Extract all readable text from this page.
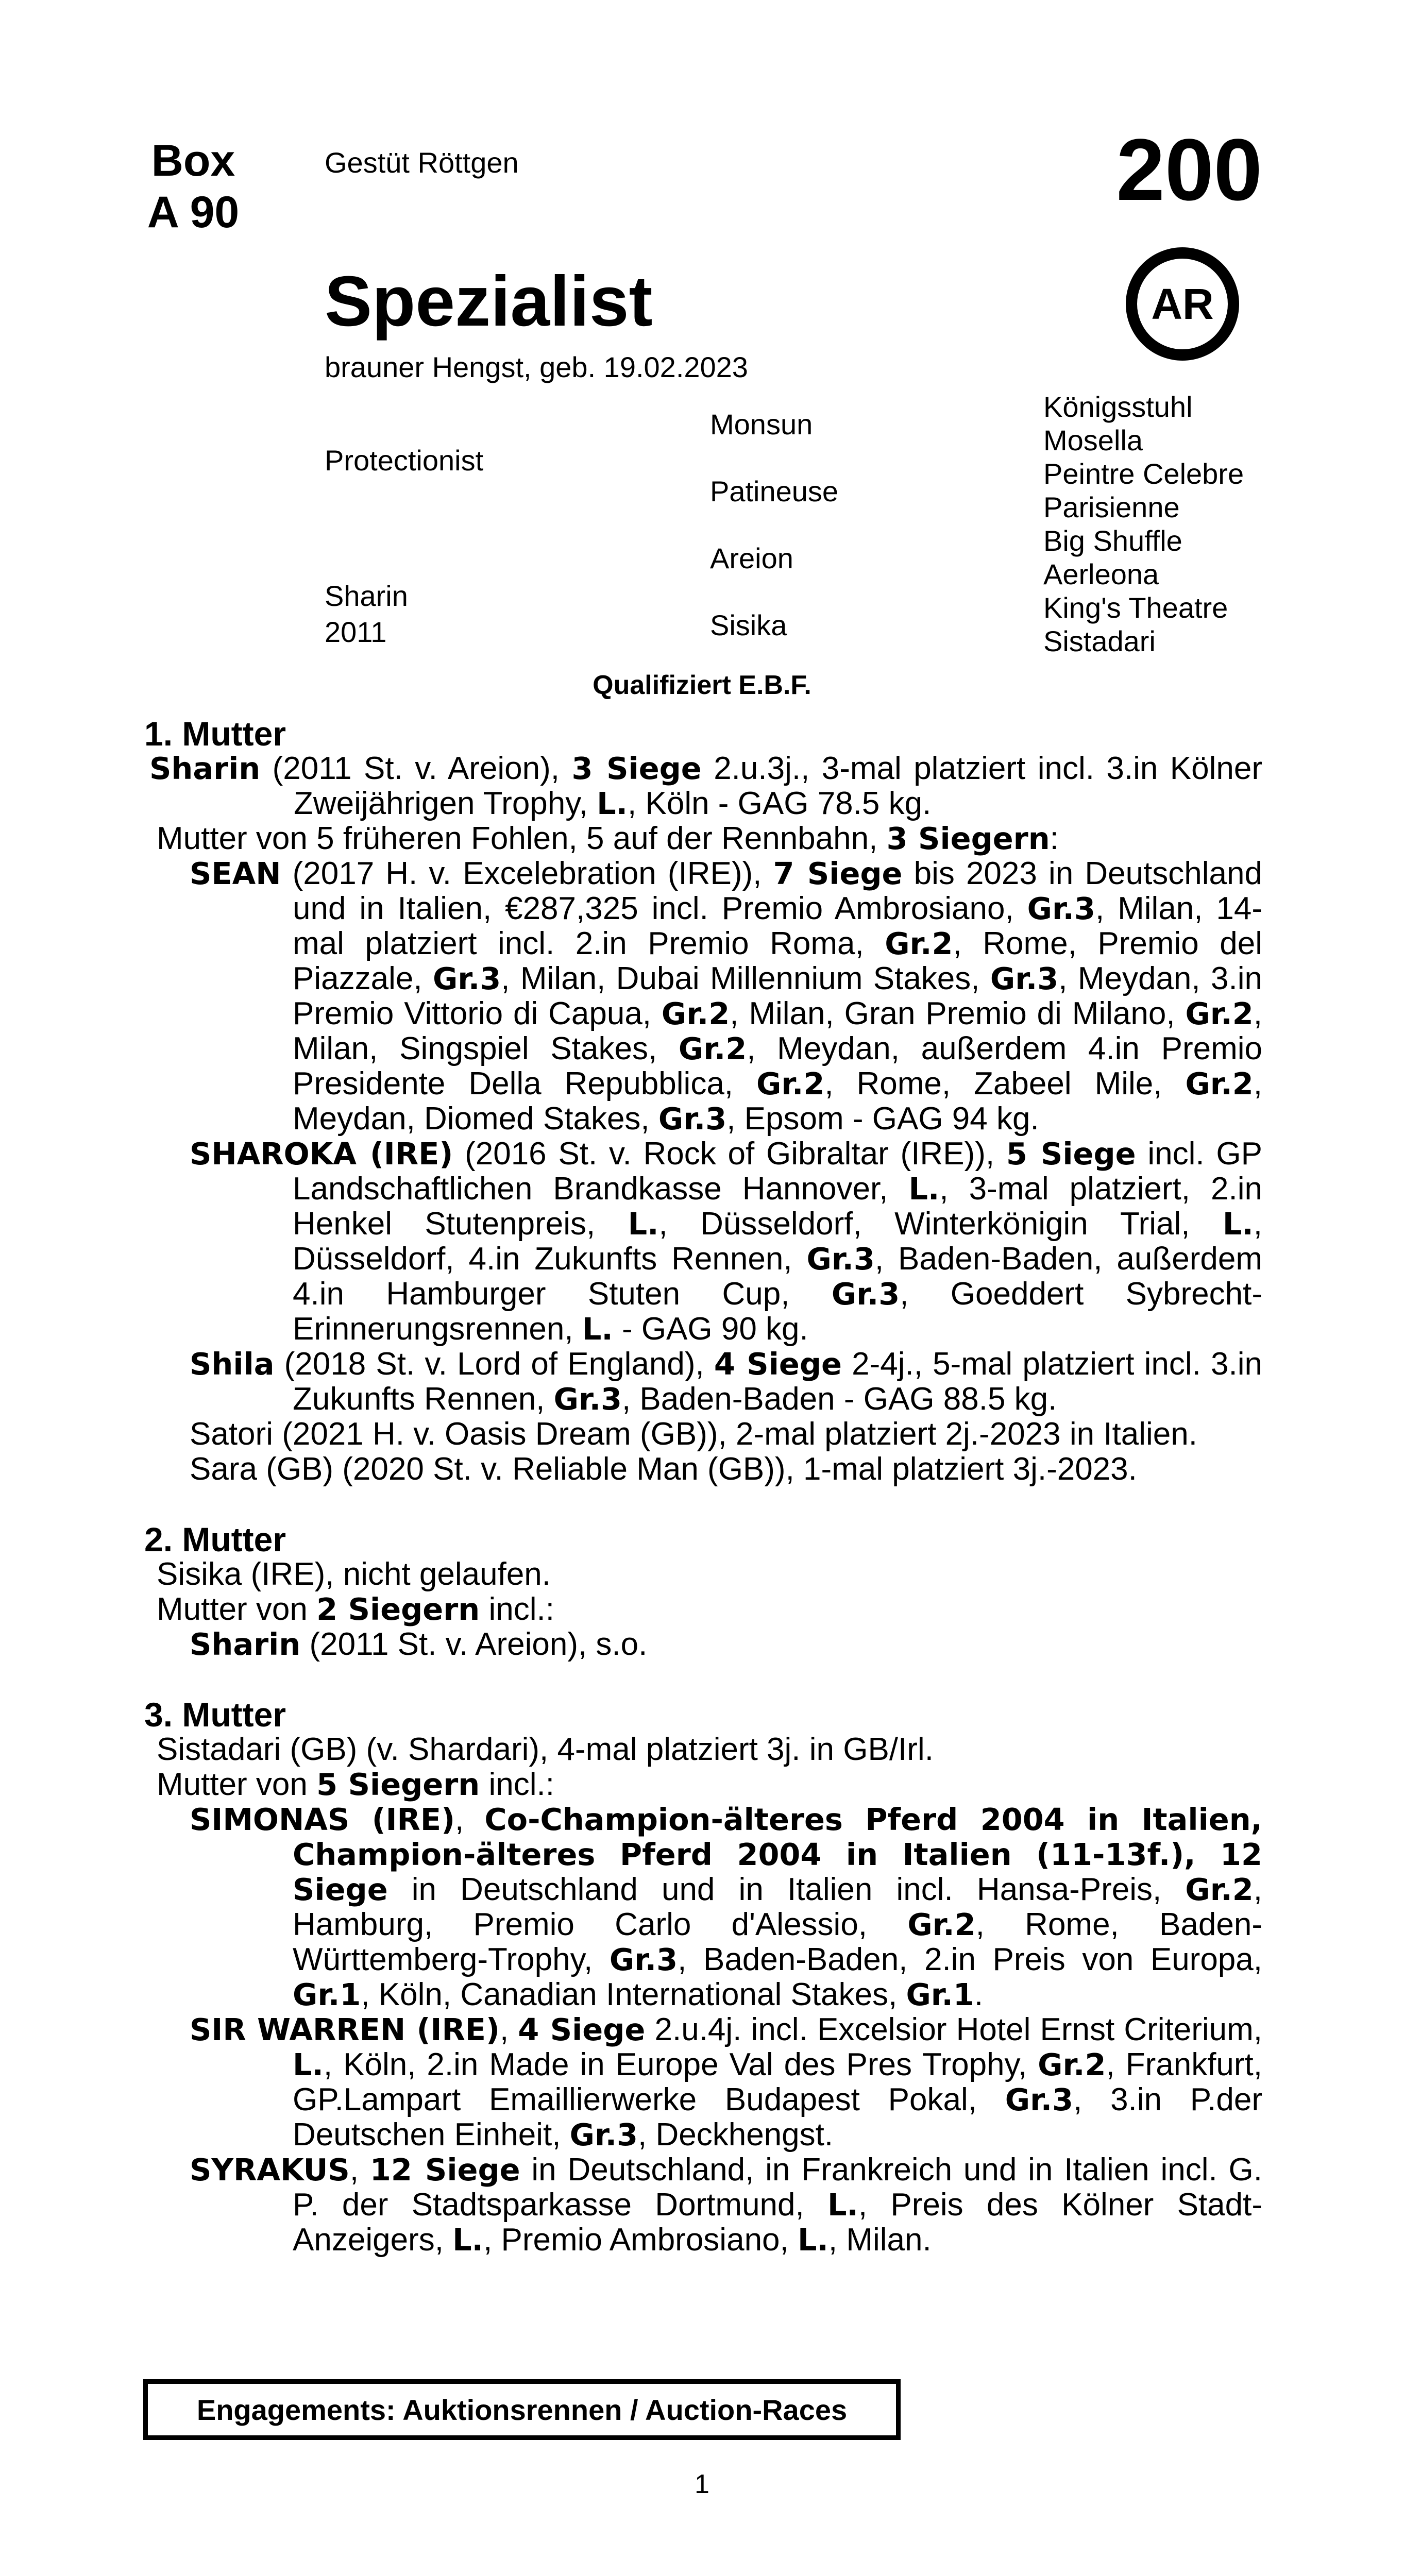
Box
A 90
Gestüt Röttgen	200
Spezialist	AR
brauner Hengst, geb. 19.02.2023
Protectionist
Sharin
2011
Monsun
Patineuse
Areion
Sisika
Königsstuhl
Mosella
Peintre Celebre
Parisienne
Big Shuffle
Aerleona
King's Theatre
Sistadari
Qualifiziert E.B.F.
1. Mutter
Sharin (2011 St. v. Areion), 3 Siege 2.u.3j., 3-mal platziert incl. 3.in Kölner Zweijährigen Trophy, L., Köln - GAG 78.5 kg.
Mutter von 5 früheren Fohlen, 5 auf der Rennbahn, 3 Siegern:
SEAN (2017 H. v. Excelebration (IRE)), 7 Siege bis 2023 in Deutschland und in Italien, €287,325 incl. Premio Ambrosiano, Gr.3, Milan, 14-mal platziert incl. 2.in Premio Roma, Gr.2, Rome, Premio del Piazzale, Gr.3, Milan, Dubai Millennium Stakes, Gr.3, Meydan, 3.in Premio Vittorio di Capua, Gr.2, Milan, Gran Premio di Milano, Gr.2, Milan, Singspiel Stakes, Gr.2, Meydan, außerdem 4.in Premio Presidente Della Repubblica, Gr.2, Rome, Zabeel Mile, Gr.2, Meydan, Diomed Stakes, Gr.3, Epsom - GAG 94 kg.
SHAROKA (IRE) (2016 St. v. Rock of Gibraltar (IRE)), 5 Siege incl. GP Landschaftlichen Brandkasse Hannover, L., 3-mal platziert, 2.in Henkel Stutenpreis, L., Düsseldorf, Winterkönigin Trial, L., Düsseldorf, 4.in Zukunfts Rennen, Gr.3, Baden-Baden, außerdem 4.in Hamburger Stuten Cup, Gr.3, Goeddert Sybrecht-Erinnerungsrennen, L. - GAG 90 kg.
Shila (2018 St. v. Lord of England), 4 Siege 2-4j., 5-mal platziert incl. 3.in Zukunfts Rennen, Gr.3, Baden-Baden - GAG 88.5 kg.
Satori (2021 H. v. Oasis Dream (GB)), 2-mal platziert 2j.-2023 in Italien.
Sara (GB) (2020 St. v. Reliable Man (GB)), 1-mal platziert 3j.-2023.
2. Mutter
Sisika (IRE), nicht gelaufen.
Mutter von 2 Siegern incl.:
Sharin (2011 St. v. Areion), s.o.
3. Mutter
Sistadari (GB) (v. Shardari), 4-mal platziert 3j. in GB/Irl.
Mutter von 5 Siegern incl.:
SIMONAS (IRE), Co-Champion-älteres Pferd 2004 in Italien, Champion-älteres Pferd 2004 in Italien (11-13f.), 12 Siege in Deutschland und in Italien incl. Hansa-Preis, Gr.2, Hamburg, Premio Carlo d'Alessio, Gr.2, Rome, Baden-Württemberg-Trophy, Gr.3, Baden-Baden, 2.in Preis von Europa, Gr.1, Köln, Canadian International Stakes, Gr.1.
SIR WARREN (IRE), 4 Siege 2.u.4j. incl. Excelsior Hotel Ernst Criterium, L., Köln, 2.in Made in Europe Val des Pres Trophy, Gr.2, Frankfurt, GP.Lampart Emaillierwerke Budapest Pokal, Gr.3, 3.in P.der Deutschen Einheit, Gr.3, Deckhengst.
SYRAKUS, 12 Siege in Deutschland, in Frankreich und in Italien incl. G. P. der Stadtsparkasse Dortmund, L., Preis des Kölner Stadt-Anzeigers, L., Premio Ambrosiano, L., Milan.
Engagements: Auktionsrennen / Auction-Races
1
